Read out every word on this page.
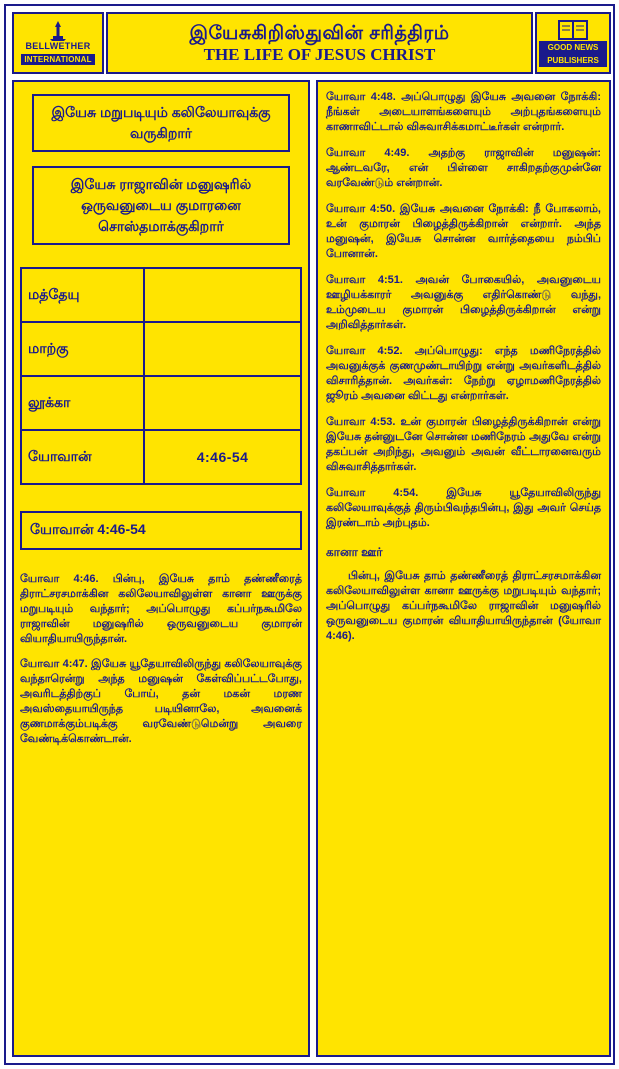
BELLWETHER
INTERNATIONAL
இயேசுகிறிஸ்துவின் சரித்திரம்
THE LIFE OF JESUS CHRIST	GOOD NEWS
PUBLISHERS
இயேசு மறுபடியும் கலிலேயாவுக்கு வருகிறார்
இயேசு ராஜாவின் மனுஷரில் ஒருவனுடைய குமாரனை சொஸ்தமாக்குகிறார்
மத்தேயு	
மாற்கு	
லூக்கா	
யோவான்	4:46-54
யோவான் 4:46-54

யோவா 4:46. பின்பு, இயேசு தாம் தண்ணீரைத் திராட்சரசமாக்கின கலிலேயாவிலுள்ள கானா ஊருக்கு மறுபடியும் வந்தார்; அப்பொழுது கப்பர்நகூமிலே ராஜாவின் மனுஷரில் ஒருவனுடைய குமாரன் வியாதியாயிருந்தான்.

யோவா 4:47. இயேசு யூதேயாவிலிருந்து கலிலேயாவுக்கு வந்தாரென்று அந்த மனுஷன் கேள்விப்பட்டபோது, அவரிடத்திற்குப் போய், தன் மகன் மரண அவஸ்தையாயிருந்த படியினாலே, அவனைக் குணமாக்கும்படிக்கு வரவேண்டுமென்று அவரை வேண்டிக்கொண்டான்.

யோவா 4:48. அப்பொழுது இயேசு அவனை நோக்கி: நீங்கள் அடையாளங்களையும் அற்புதங்களையும் காணாவிட்டால் விசுவாசிக்கமாட்டீர்கள் என்றார்.

யோவா 4:49. அதற்கு ராஜாவின் மனுஷன்: ஆண்டவரே, என் பிள்ளை சாகிறதற்குமுன்னே வரவேண்டும் என்றான்.

யோவா 4:50. இயேசு அவனை நோக்கி: நீ போகலாம், உன் குமாரன் பிழைத்திருக்கிறான் என்றார். அந்த மனுஷன், இயேசு சொன்ன வார்த்தையை நம்பிப் போனான்.

யோவா 4:51. அவன் போகையில், அவனுடைய ஊழியக்காரர் அவனுக்கு எதிர்கொண்டு வந்து, உம்முடைய குமாரன் பிழைத்திருக்கிறான் என்று அறிவித்தார்கள்.

யோவா 4:52. அப்பொழுது: எந்த மணிநேரத்தில் அவனுக்குக் குணமுண்டாயிற்று என்று அவர்களிடத்தில் விசாரித்தான். அவர்கள்: நேற்று ஏழாமணிநேரத்தில் ஜூரம் அவனை விட்டது என்றார்கள்.

யோவா 4:53. உன் குமாரன் பிழைத்திருக்கிறான் என்று இயேசு தன்னுடனே சொன்ன மணிநேரம் அதுவே என்று தகப்பன் அறிந்து, அவனும் அவன் வீட்டாரனைவரும் விசுவாசித்தார்கள்.

யோவா 4:54. இயேசு யூதேயாவிலிருந்து கலிலேயாவுக்குத் திரும்பிவந்தபின்பு, இது அவர் செய்த இரண்டாம் அற்புதம்.

கானா ஊர்

பின்பு, இயேசு தாம் தண்ணீரைத் திராட்சரசமாக்கின கலிலேயாவிலுள்ள கானா ஊருக்கு மறுபடியும் வந்தார்; அப்பொழுது கப்பர்நகூமிலே ராஜாவின் மனுஷரில் ஒருவனுடைய குமாரன் வியாதியாயிருந்தான் (யோவா 4:46).
